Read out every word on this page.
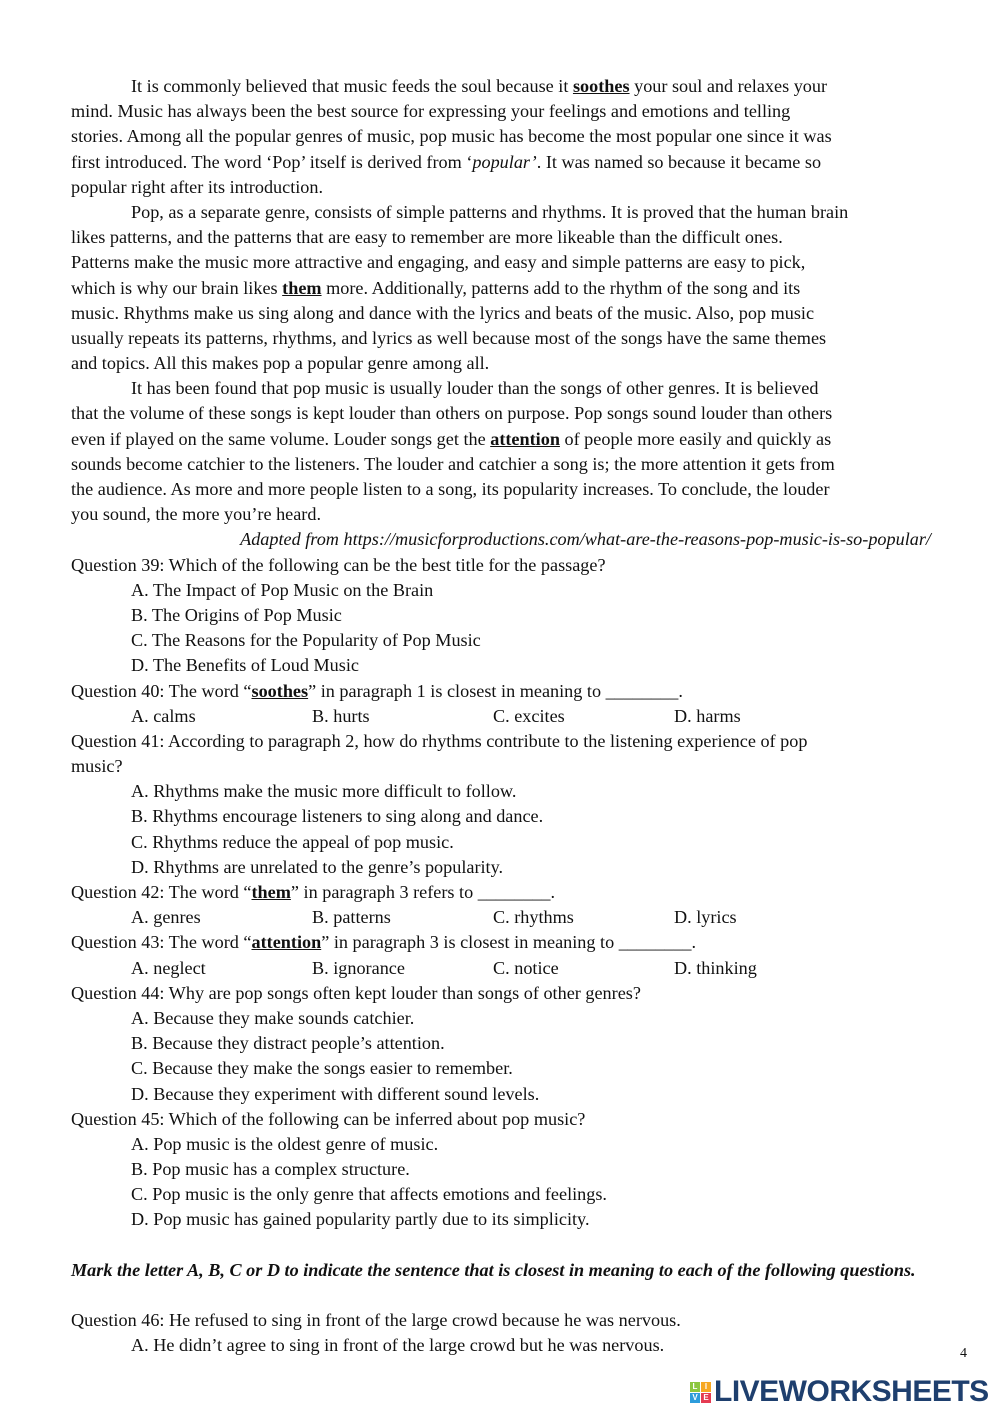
It is commonly believed that music feeds the soul because it soothes your soul and relaxes your
mind. Music has always been the best source for expressing your feelings and emotions and telling
stories. Among all the popular genres of music, pop music has become the most popular one since it was
first introduced. The word ‘Pop’ itself is derived from ‘popular’. It was named so because it became so
popular right after its introduction.
Pop, as a separate genre, consists of simple patterns and rhythms. It is proved that the human brain
likes patterns, and the patterns that are easy to remember are more likeable than the difficult ones.
Patterns make the music more attractive and engaging, and easy and simple patterns are easy to pick,
which is why our brain likes them more. Additionally, patterns add to the rhythm of the song and its
music. Rhythms make us sing along and dance with the lyrics and beats of the music. Also, pop music
usually repeats its patterns, rhythms, and lyrics as well because most of the songs have the same themes
and topics. All this makes pop a popular genre among all.
It has been found that pop music is usually louder than the songs of other genres. It is believed
that the volume of these songs is kept louder than others on purpose. Pop songs sound louder than others
even if played on the same volume. Louder songs get the attention of people more easily and quickly as
sounds become catchier to the listeners. The louder and catchier a song is; the more attention it gets from
the audience. As more and more people listen to a song, its popularity increases. To conclude, the louder
you sound, the more you’re heard.
Adapted from https://musicforproductions.com/what-are-the-reasons-pop-music-is-so-popular/
Question 39: Which of the following can be the best title for the passage?
A. The Impact of Pop Music on the Brain
B. The Origins of Pop Music
C. The Reasons for the Popularity of Pop Music
D. The Benefits of Loud Music
Question 40: The word “soothes” in paragraph 1 is closest in meaning to ________.
A. calms	B. hurts	C. excites	D. harms
Question 41: According to paragraph 2, how do rhythms contribute to the listening experience of pop
music?
A. Rhythms make the music more difficult to follow.
B. Rhythms encourage listeners to sing along and dance.
C. Rhythms reduce the appeal of pop music.
D. Rhythms are unrelated to the genre’s popularity.
Question 42: The word “them” in paragraph 3 refers to ________.
A. genres	B. patterns	C. rhythms	D. lyrics
Question 43: The word “attention” in paragraph 3 is closest in meaning to ________.
A. neglect	B. ignorance	C. notice	D. thinking
Question 44: Why are pop songs often kept louder than songs of other genres?
A. Because they make sounds catchier.
B. Because they distract people’s attention.
C. Because they make the songs easier to remember.
D. Because they experiment with different sound levels.
Question 45: Which of the following can be inferred about pop music?
A. Pop music is the oldest genre of music.
B. Pop music has a complex structure.
C. Pop music is the only genre that affects emotions and feelings.
D. Pop music has gained popularity partly due to its simplicity.
Mark the letter A, B, C or D to indicate the sentence that is closest in meaning to each of the following questions.
Question 46: He refused to sing in front of the large crowd because he was nervous.
A. He didn’t agree to sing in front of the large crowd but he was nervous.
L I
V E LIVEWORKSHEETS
4
